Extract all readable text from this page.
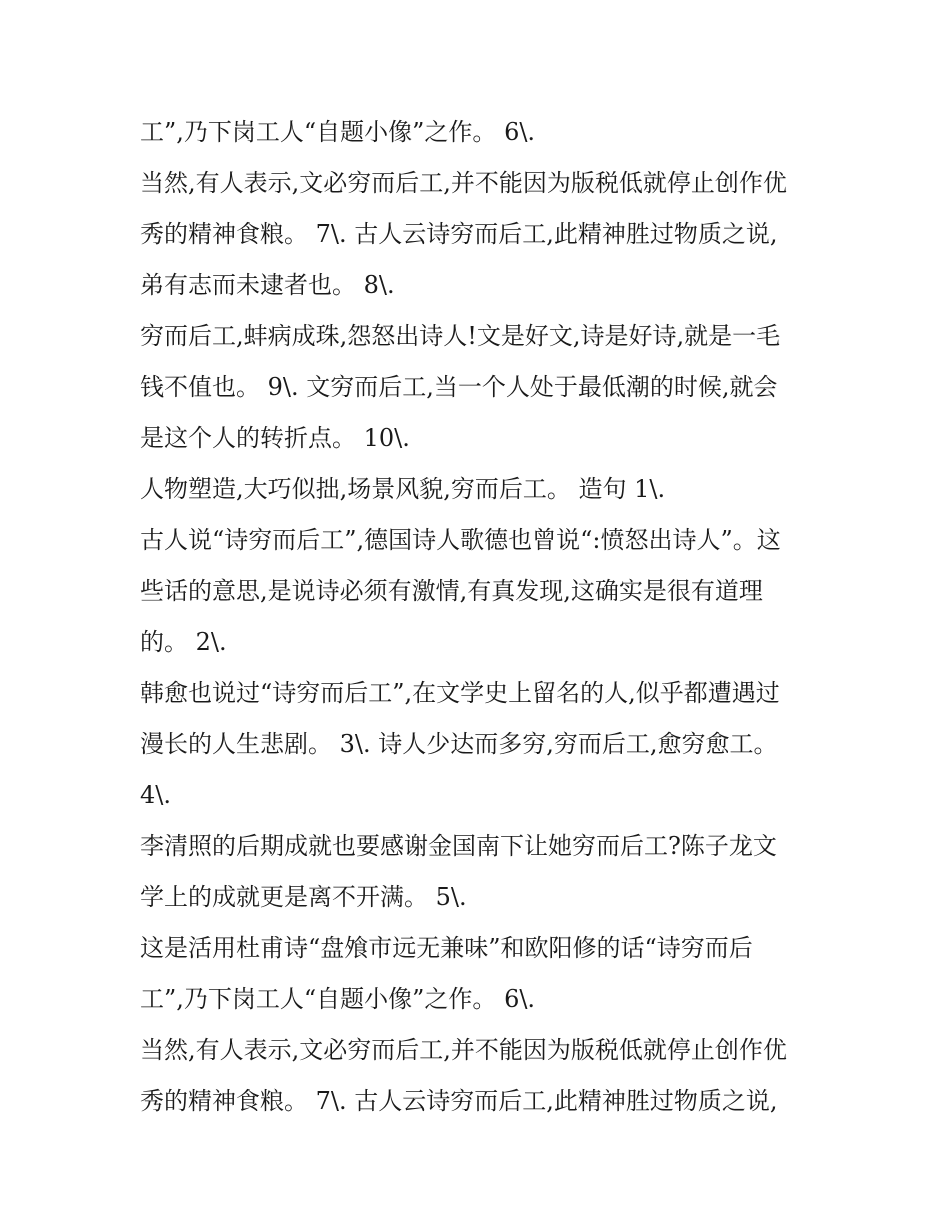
工”,乃下岗工人“自题小像”之作。 6\.
当然,有人表示,文必穷而后工,并不能因为版税低就停止创作优
秀的精神食粮。 7\. 古人云诗穷而后工,此精神胜过物质之说,
弟有志而未逮者也。 8\.
穷而后工,蚌病成珠,怨怒出诗人!文是好文,诗是好诗,就是一毛
钱不值也。 9\. 文穷而后工,当一个人处于最低潮的时候,就会
是这个人的转折点。 10\.
人物塑造,大巧似拙,场景风貌,穷而后工。 造句 1\.
古人说“诗穷而后工”,德国诗人歌德也曾说“:愤怒出诗人”。这
些话的意思,是说诗必须有激情,有真发现,这确实是很有道理
的。 2\.
韩愈也说过“诗穷而后工”,在文学史上留名的人,似乎都遭遇过
漫长的人生悲剧。 3\. 诗人少达而多穷,穷而后工,愈穷愈工。
4\.
李清照的后期成就也要感谢金国南下让她穷而后工?陈子龙文
学上的成就更是离不开满。 5\.
这是活用杜甫诗“盘飧市远无兼味”和欧阳修的话“诗穷而后
工”,乃下岗工人“自题小像”之作。 6\.
当然,有人表示,文必穷而后工,并不能因为版税低就停止创作优
秀的精神食粮。 7\. 古人云诗穷而后工,此精神胜过物质之说,
